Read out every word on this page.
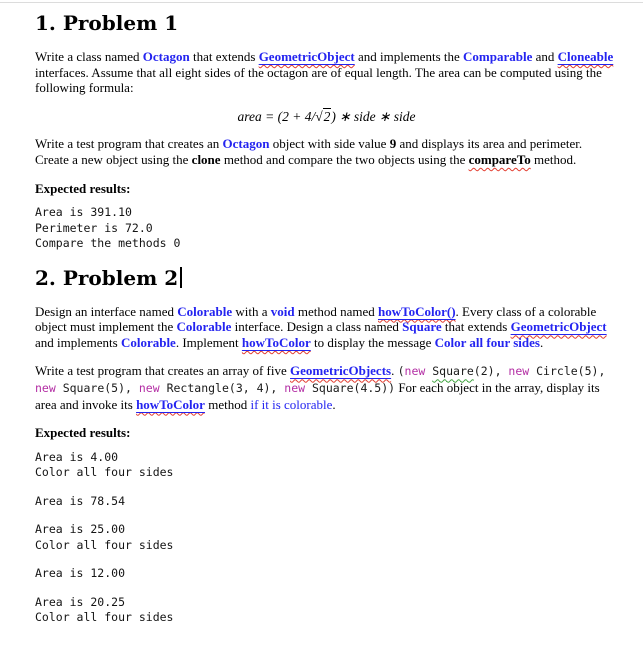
1. Problem 1

Write a class named Octagon that extends GeometricObject and implements the Comparable and Cloneable interfaces. Assume that all eight sides of the octagon are of equal length. The area can be computed using the following formula:

area = (2 + 4/√2) ∗ side ∗ side

Write a test program that creates an Octagon object with side value 9 and displays its area and perimeter. Create a new object using the clone method and compare the two objects using the compareTo method.

Expected results:

Area is 391.10
Perimeter is 72.0
Compare the methods 0
2. Problem 2

Design an interface named Colorable with a void method named howToColor(). Every class of a colorable object must implement the Colorable interface. Design a class named Square that extends GeometricObject and implements Colorable. Implement howToColor to display the message Color all four sides.

Write a test program that creates an array of five GeometricObjects. (new Square(2), new Circle(5), new Square(5), new Rectangle(3, 4), new Square(4.5)) For each object in the array, display its area and invoke its howToColor method if it is colorable.

Expected results:

Area is 4.00
Color all four sides
Area is 78.54
Area is 25.00
Color all four sides
Area is 12.00
Area is 20.25
Color all four sides
